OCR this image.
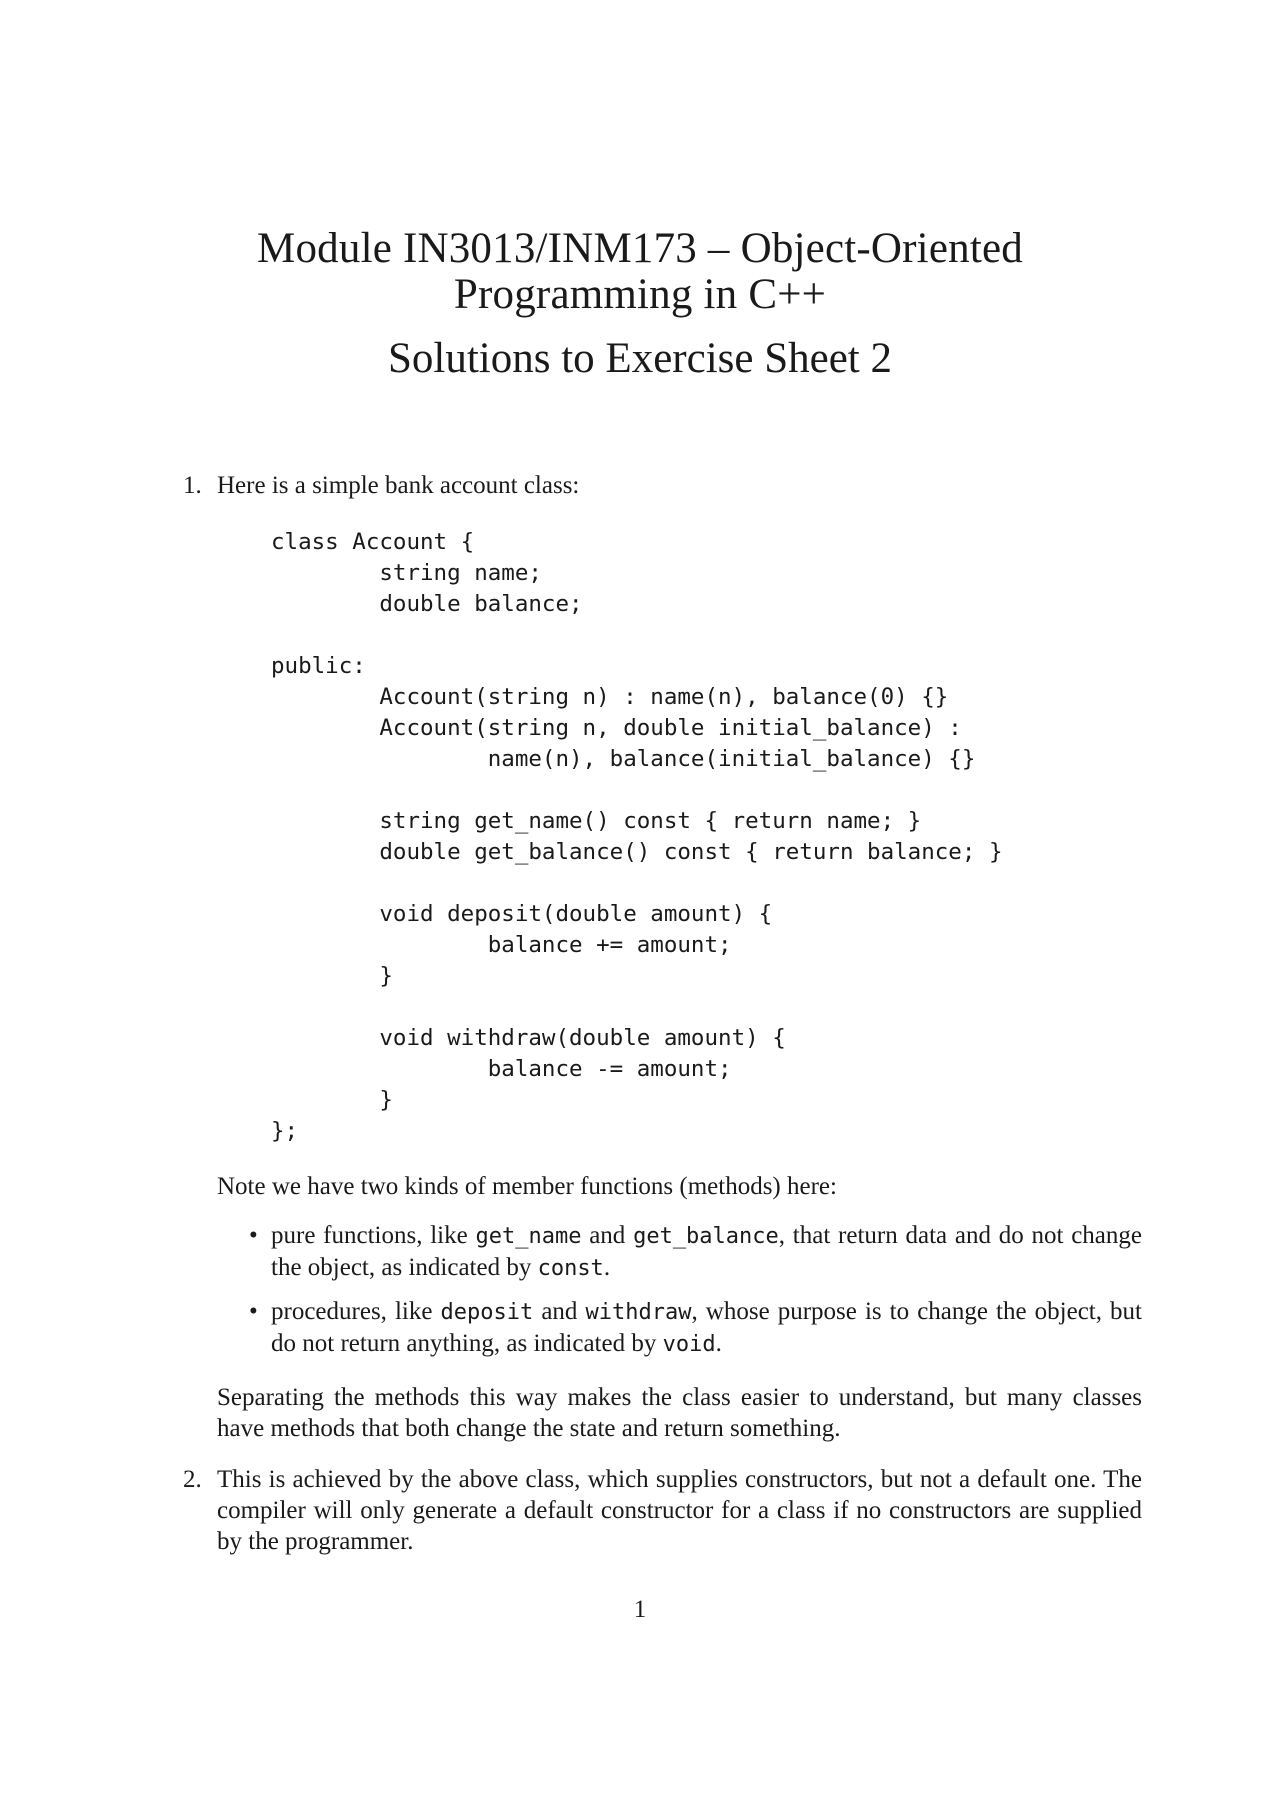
Module IN3013/INM173 – Object-Oriented
Programming in C++
Solutions to Exercise Sheet 2
1. Here is a simple bank account class:

class Account {
string name;
double balance;

public:
Account(string n) : name(n), balance(0) {}
Account(string n, double initial_balance) :
name(n), balance(initial_balance) {}

string get_name() const { return name; }
double get_balance() const { return balance; }

void deposit(double amount) {
balance += amount;
}

void withdraw(double amount) {
balance -= amount;
}
};

Note we have two kinds of member functions (methods) here:

• pure functions, like get_name and get_balance, that return data and do not change the object, as indicated by const.
• procedures, like deposit and withdraw, whose purpose is to change the object, but do not return anything, as indicated by void.

Separating the methods this way makes the class easier to understand, but many classes have methods that both change the state and return something.

2. This is achieved by the above class, which supplies constructors, but not a default one. The compiler will only generate a default constructor for a class if no constructors are supplied by the programmer.

1
